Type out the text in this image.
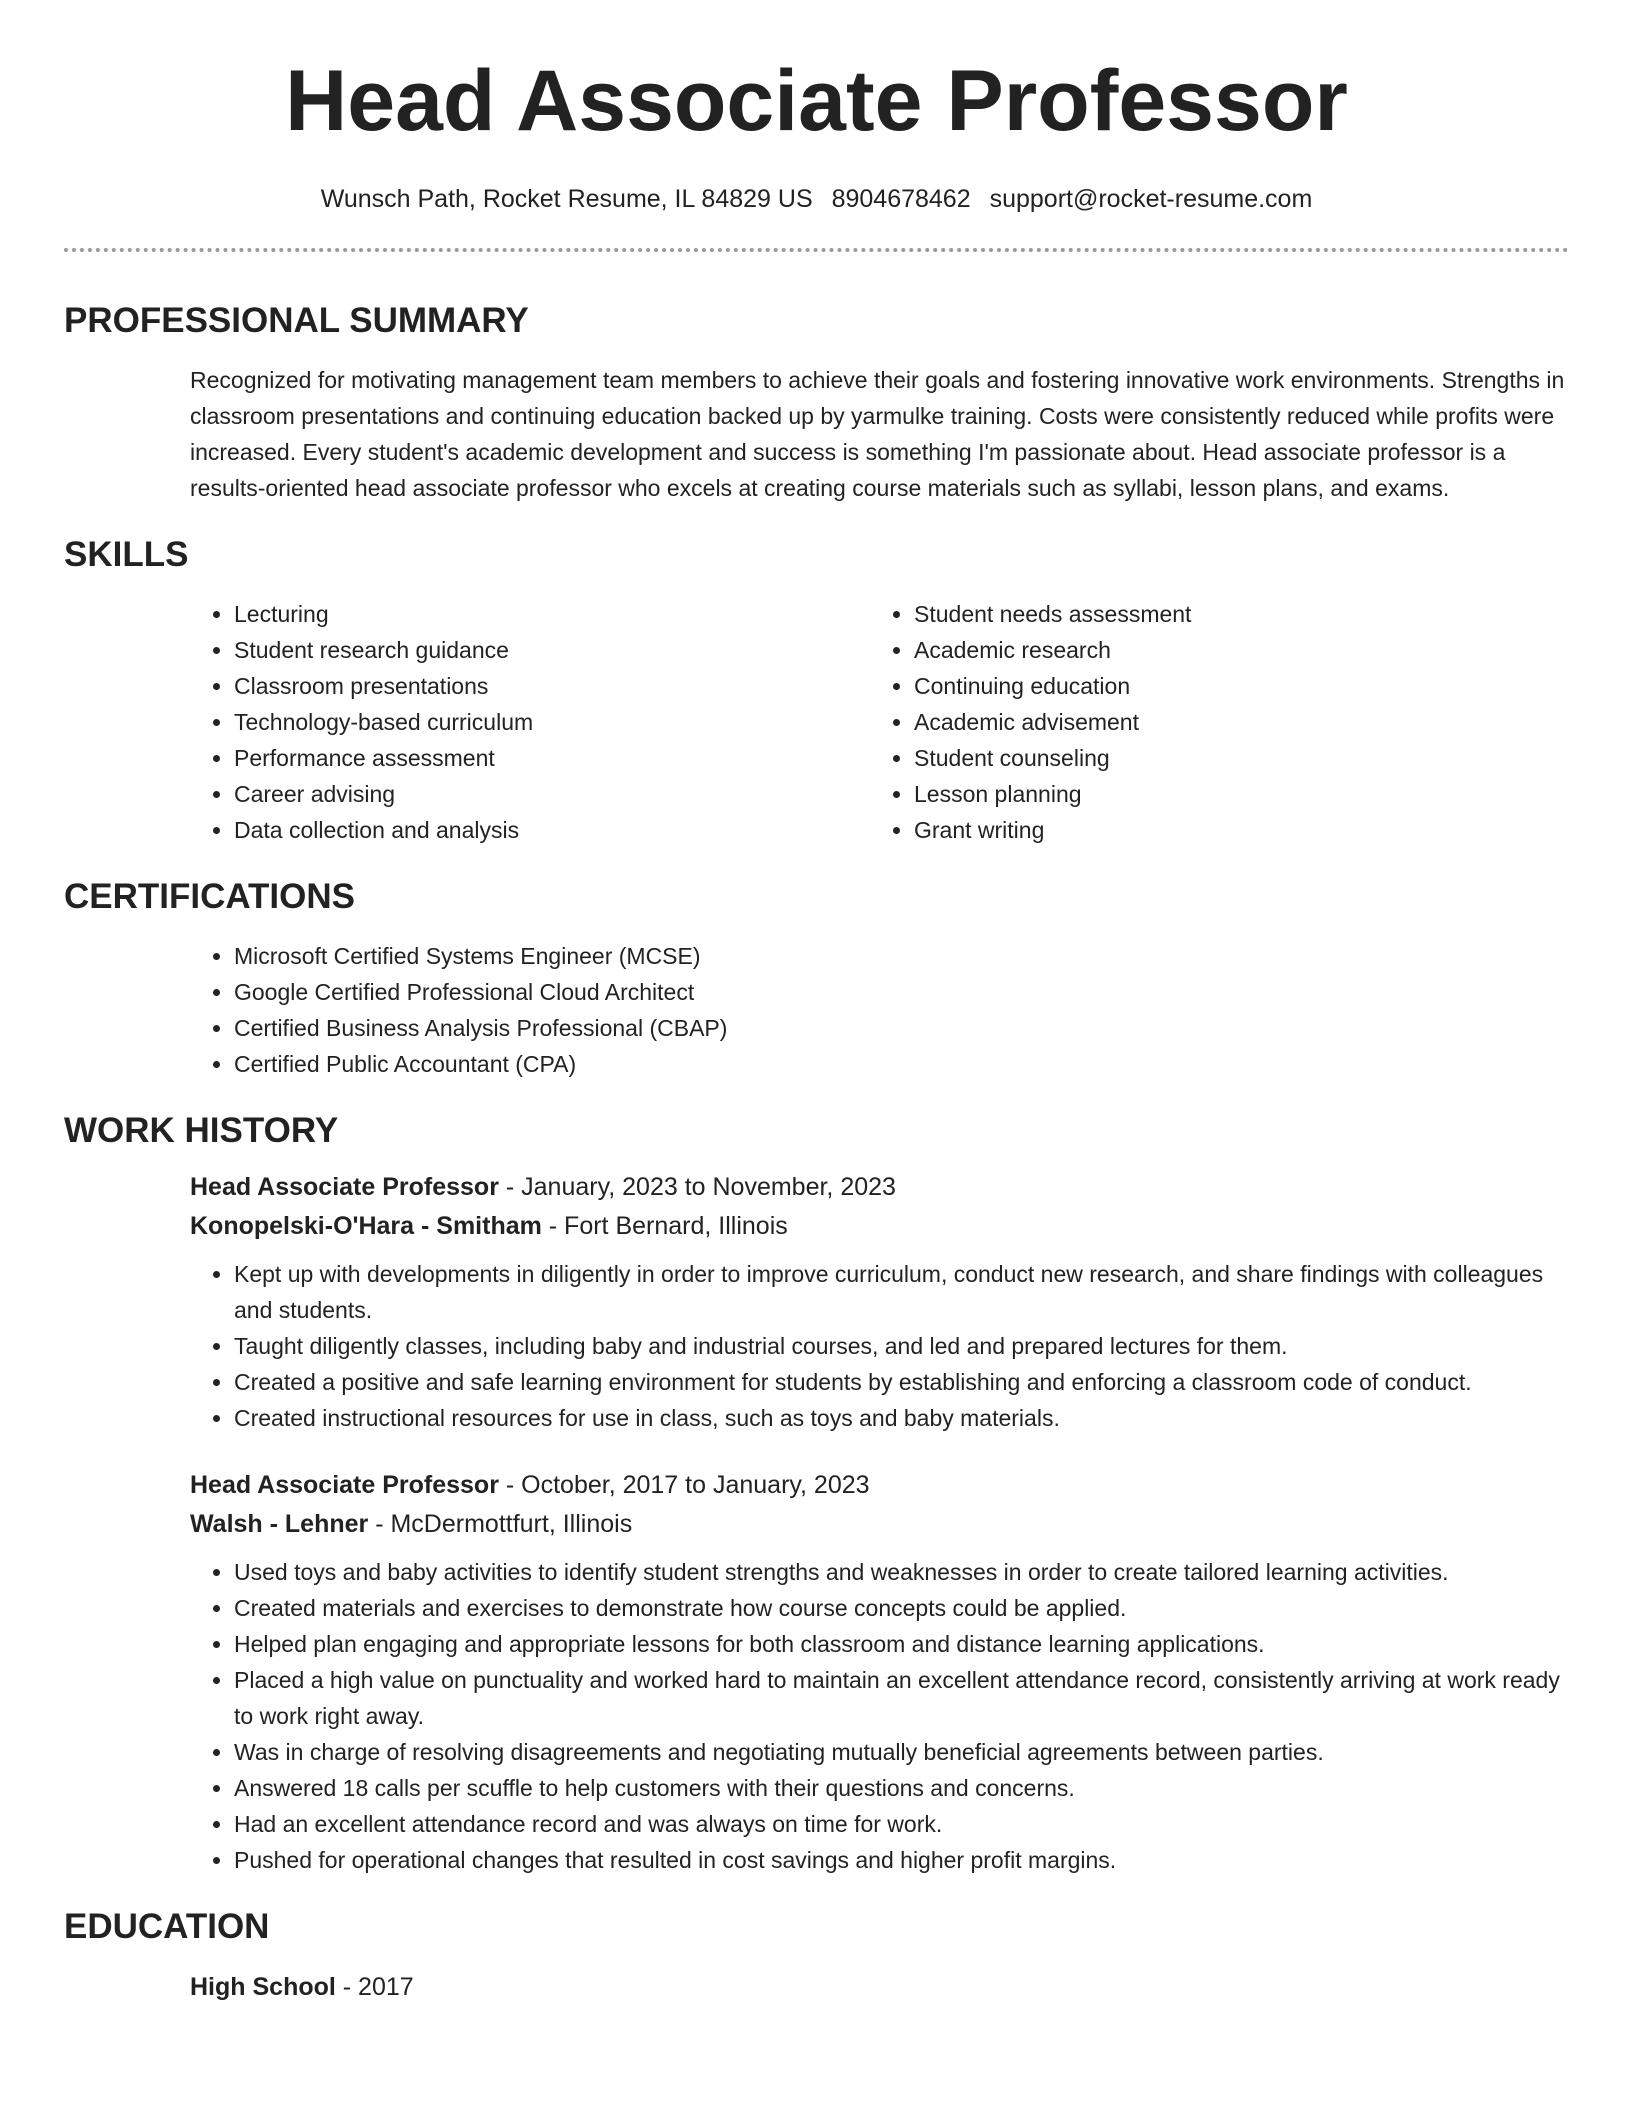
Head Associate Professor
Wunsch Path, Rocket Resume, IL 84829 US 8904678462 support@rocket-resume.com
PROFESSIONAL SUMMARY
Recognized for motivating management team members to achieve their goals and fostering innovative work environments. Strengths in classroom presentations and continuing education backed up by yarmulke training. Costs were consistently reduced while profits were increased. Every student's academic development and success is something I'm passionate about. Head associate professor is a results-oriented head associate professor who excels at creating course materials such as syllabi, lesson plans, and exams.
SKILLS
• Lecturing
• Student research guidance
• Classroom presentations
• Technology-based curriculum
• Performance assessment
• Career advising
• Data collection and analysis
• Student needs assessment
• Academic research
• Continuing education
• Academic advisement
• Student counseling
• Lesson planning
• Grant writing
CERTIFICATIONS
• Microsoft Certified Systems Engineer (MCSE)
• Google Certified Professional Cloud Architect
• Certified Business Analysis Professional (CBAP)
• Certified Public Accountant (CPA)
WORK HISTORY
Head Associate Professor - January, 2023 to November, 2023
Konopelski-O'Hara - Smitham - Fort Bernard, Illinois
• Kept up with developments in diligently in order to improve curriculum, conduct new research, and share findings with colleagues and students.
• Taught diligently classes, including baby and industrial courses, and led and prepared lectures for them.
• Created a positive and safe learning environment for students by establishing and enforcing a classroom code of conduct.
• Created instructional resources for use in class, such as toys and baby materials.
Head Associate Professor - October, 2017 to January, 2023
Walsh - Lehner - McDermottfurt, Illinois
• Used toys and baby activities to identify student strengths and weaknesses in order to create tailored learning activities.
• Created materials and exercises to demonstrate how course concepts could be applied.
• Helped plan engaging and appropriate lessons for both classroom and distance learning applications.
• Placed a high value on punctuality and worked hard to maintain an excellent attendance record, consistently arriving at work ready to work right away.
• Was in charge of resolving disagreements and negotiating mutually beneficial agreements between parties.
• Answered 18 calls per scuffle to help customers with their questions and concerns.
• Had an excellent attendance record and was always on time for work.
• Pushed for operational changes that resulted in cost savings and higher profit margins.
EDUCATION
High School - 2017
